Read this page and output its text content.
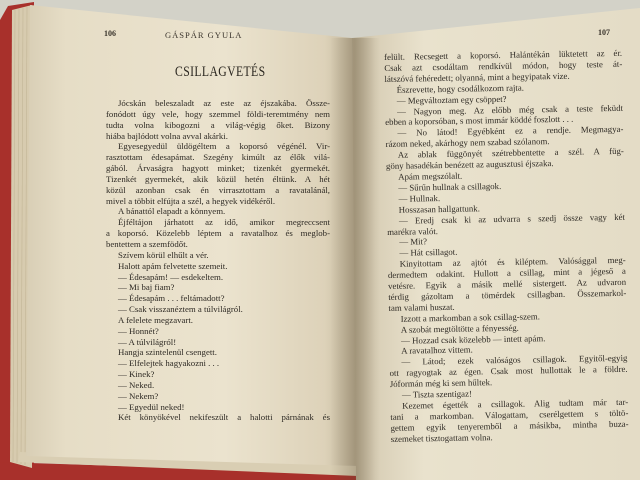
106	GÁSPÁR GYULA
CSILLAGVETÉS
Jócskán beleszaladt az este az éjszakába. Össze-
fonódott úgy vele, hogy szemmel földi-teremtmény nem
tudta volna kibogozni a világ-végig őket. Bizony
hiába bajlódott volna avval akárki.
Egyesegyedül üldögéltem a koporsó végénél. Vir-
rasztottam édesapámat. Szegény kimúlt az élők vilá-
gából. Árvaságra hagyott minket; tizenkét gyermekét.
Tizenkét gyermekét, akik közül hetén éltünk. A hét
közül azonban csak én virrasztottam a ravatalánál,
mivel a többit elfújta a szél, a hegyek vidékéről.
A bánattól elapadt a könnyem.
Éjféltájon járhatott az idő, amikor megreccsent
a koporsó. Közelebb léptem a ravatalhoz és meglob-
bentettem a szemfödőt.
Szívem körül elhűlt a vér.
Halott apám felvetette szemeit.
— Édesapám! — esdekeltem.
— Mi baj fiam?
— Édesapám . . . feltámadott?
— Csak visszanéztem a túlvilágról.
A felelete megzavart.
— Honnét?
— A túlvilágról!
Hangja szintelenül csengett.
— Elfelejtek hagyakozni . . .
— Kinek?
— Neked.
— Nekem?
— Egyedül neked!
Két könyökével nekifeszült a halotti párnának és
107
felült. Recsegett a koporsó. Halántékán lüktetett az ér.
Csak azt csodáltam rendkívül módon, hogy teste át-
látszóvá fehéredett; olyanná, mint a hegyipatak vize.
Észrevette, hogy csodálkozom rajta.
— Megváltoztam egy csöppet?
— Nagyon meg. Az előbb még csak a teste feküdt
ebben a koporsóban, s most immár köddé foszlott . . .
— No látod! Egyébként ez a rendje. Megmagya-
rázom neked, akárhogy nem szabad szólanom.
Az ablak függönyét szétrebbentette a szél. A füg-
göny hasadékán benézett az augusztusi éjszaka.
Apám megszólalt.
— Sűrűn hullnak a csillagok.
— Hullnak.
Hosszasan hallgattunk.
— Eredj csak ki az udvarra s szedj össze vagy két
marékra valót.
— Mit?
— Hát csillagot.
Kinyitottam az ajtót és kiléptem. Valósággal meg-
dermedtem odakint. Hullott a csillag, mint a jégeső a
vetésre. Egyik a másik mellé sistergett. Az udvaron
térdig gázoltam a tömérdek csillagban. Összemarkol-
tam valami huszat.
Izzott a markomban a sok csillag-szem.
A szobát megtöltötte a fényesség.
— Hozzad csak közelebb — intett apám.
A ravatalhoz vittem.
— Látod; ezek valóságos csillagok. Egyitől-egyig
ott ragyogtak az égen. Csak most hullottak le a földre.
Jóformán még ki sem hűltek.
— Tiszta szentigaz!
Kezemet égették a csillagok. Alig tudtam már tar-
tani a markomban. Válogattam, cserélgettem s töltö-
gettem egyik tenyeremből a másikba, mintha buza-
szemeket tisztogattam volna.
